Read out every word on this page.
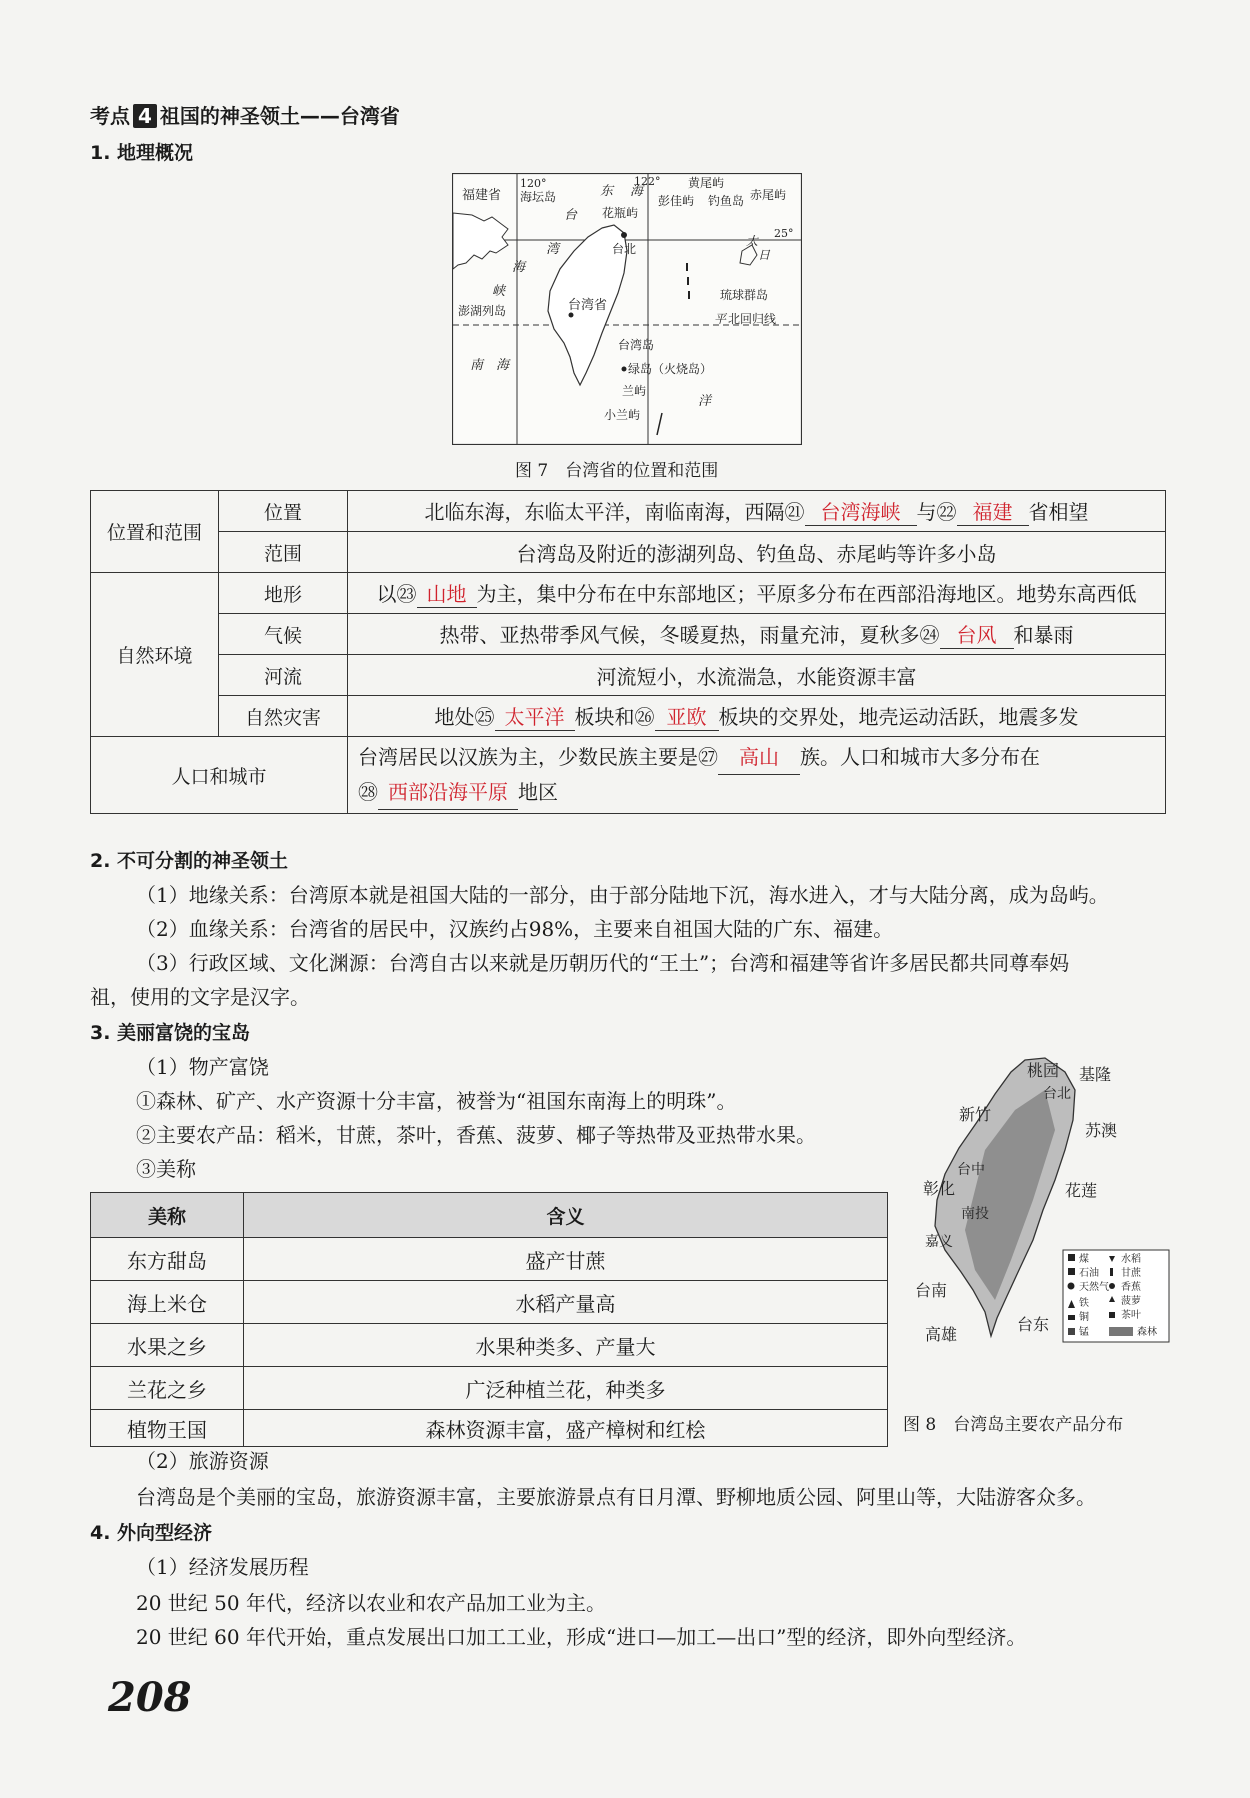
考点 4 祖国的神圣领土——台湾省
1. 地理概况
福建省
120°
海坛岛	东 海
122° 黄尾屿
赤尾屿
彭佳屿 钓鱼岛
台 花瓶屿
25°
湾	台北
太
日
海
峡
澎湖列岛	台湾省
琉球群岛
平 北回归线
南 海
台湾岛
绿岛（火烧岛）
兰屿
小兰屿
洋
图 7　台湾省的位置和范围
位置和范围	位置	北临东海，东临太平洋，南临南海，西隔㉑ 台湾海峡 与㉒ 福建 省相望
	范围	台湾岛及附近的澎湖列岛、钓鱼岛、赤尾屿等许多小岛
自然环境	地形	以㉓ 山地 为主，集中分布在中东部地区；平原多分布在西部沿海地区。地势东高西低
	气候	热带、亚热带季风气候，冬暖夏热，雨量充沛，夏秋多㉔ 台风 和暴雨
	河流	河流短小，水流湍急，水能资源丰富
	自然灾害	地处㉕ 太平洋 板块和㉖ 亚欧 板块的交界处，地壳运动活跃，地震多发
人口和城市		台湾居民以汉族为主，少数民族主要是㉗ 高山 族。人口和城市大多分布在
㉘ 西部沿海平原 地区
2. 不可分割的神圣领土
（1）地缘关系：台湾原本就是祖国大陆的一部分，由于部分陆地下沉，海水进入，才与大陆分离，成为岛屿。
（2）血缘关系：台湾省的居民中，汉族约占98%，主要来自祖国大陆的广东、福建。
（3）行政区域、文化渊源：台湾自古以来就是历朝历代的“王土”；台湾和福建等省许多居民都共同尊奉妈
祖，使用的文字是汉字。
3. 美丽富饶的宝岛
（1）物产富饶
①森林、矿产、水产资源十分丰富，被誉为“祖国东南海上的明珠”。
②主要农产品：稻米，甘蔗，茶叶，香蕉、菠萝、椰子等热带及亚热带水果。
③美称
美称	含义
东方甜岛	盛产甘蔗
海上米仓	水稻产量高
水果之乡	水果种类多、产量大
兰花之乡	广泛种植兰花，种类多
植物王国	森林资源丰富，盛产樟树和红桧
桃园 基隆
台北
新竹
苏澳
台中
彰化	花莲
南投
嘉义
台南
台东
高雄
煤
石油
天然气
铁
铜
锰
水稻
甘蔗
香蕉
菠萝
茶叶
森林
图 8　台湾岛主要农产品分布
（2）旅游资源
台湾岛是个美丽的宝岛，旅游资源丰富，主要旅游景点有日月潭、野柳地质公园、阿里山等，大陆游客众多。
4. 外向型经济
（1）经济发展历程
20 世纪 50 年代，经济以农业和农产品加工业为主。
20 世纪 60 年代开始，重点发展出口加工工业，形成“进口—加工—出口”型的经济，即外向型经济。
208
